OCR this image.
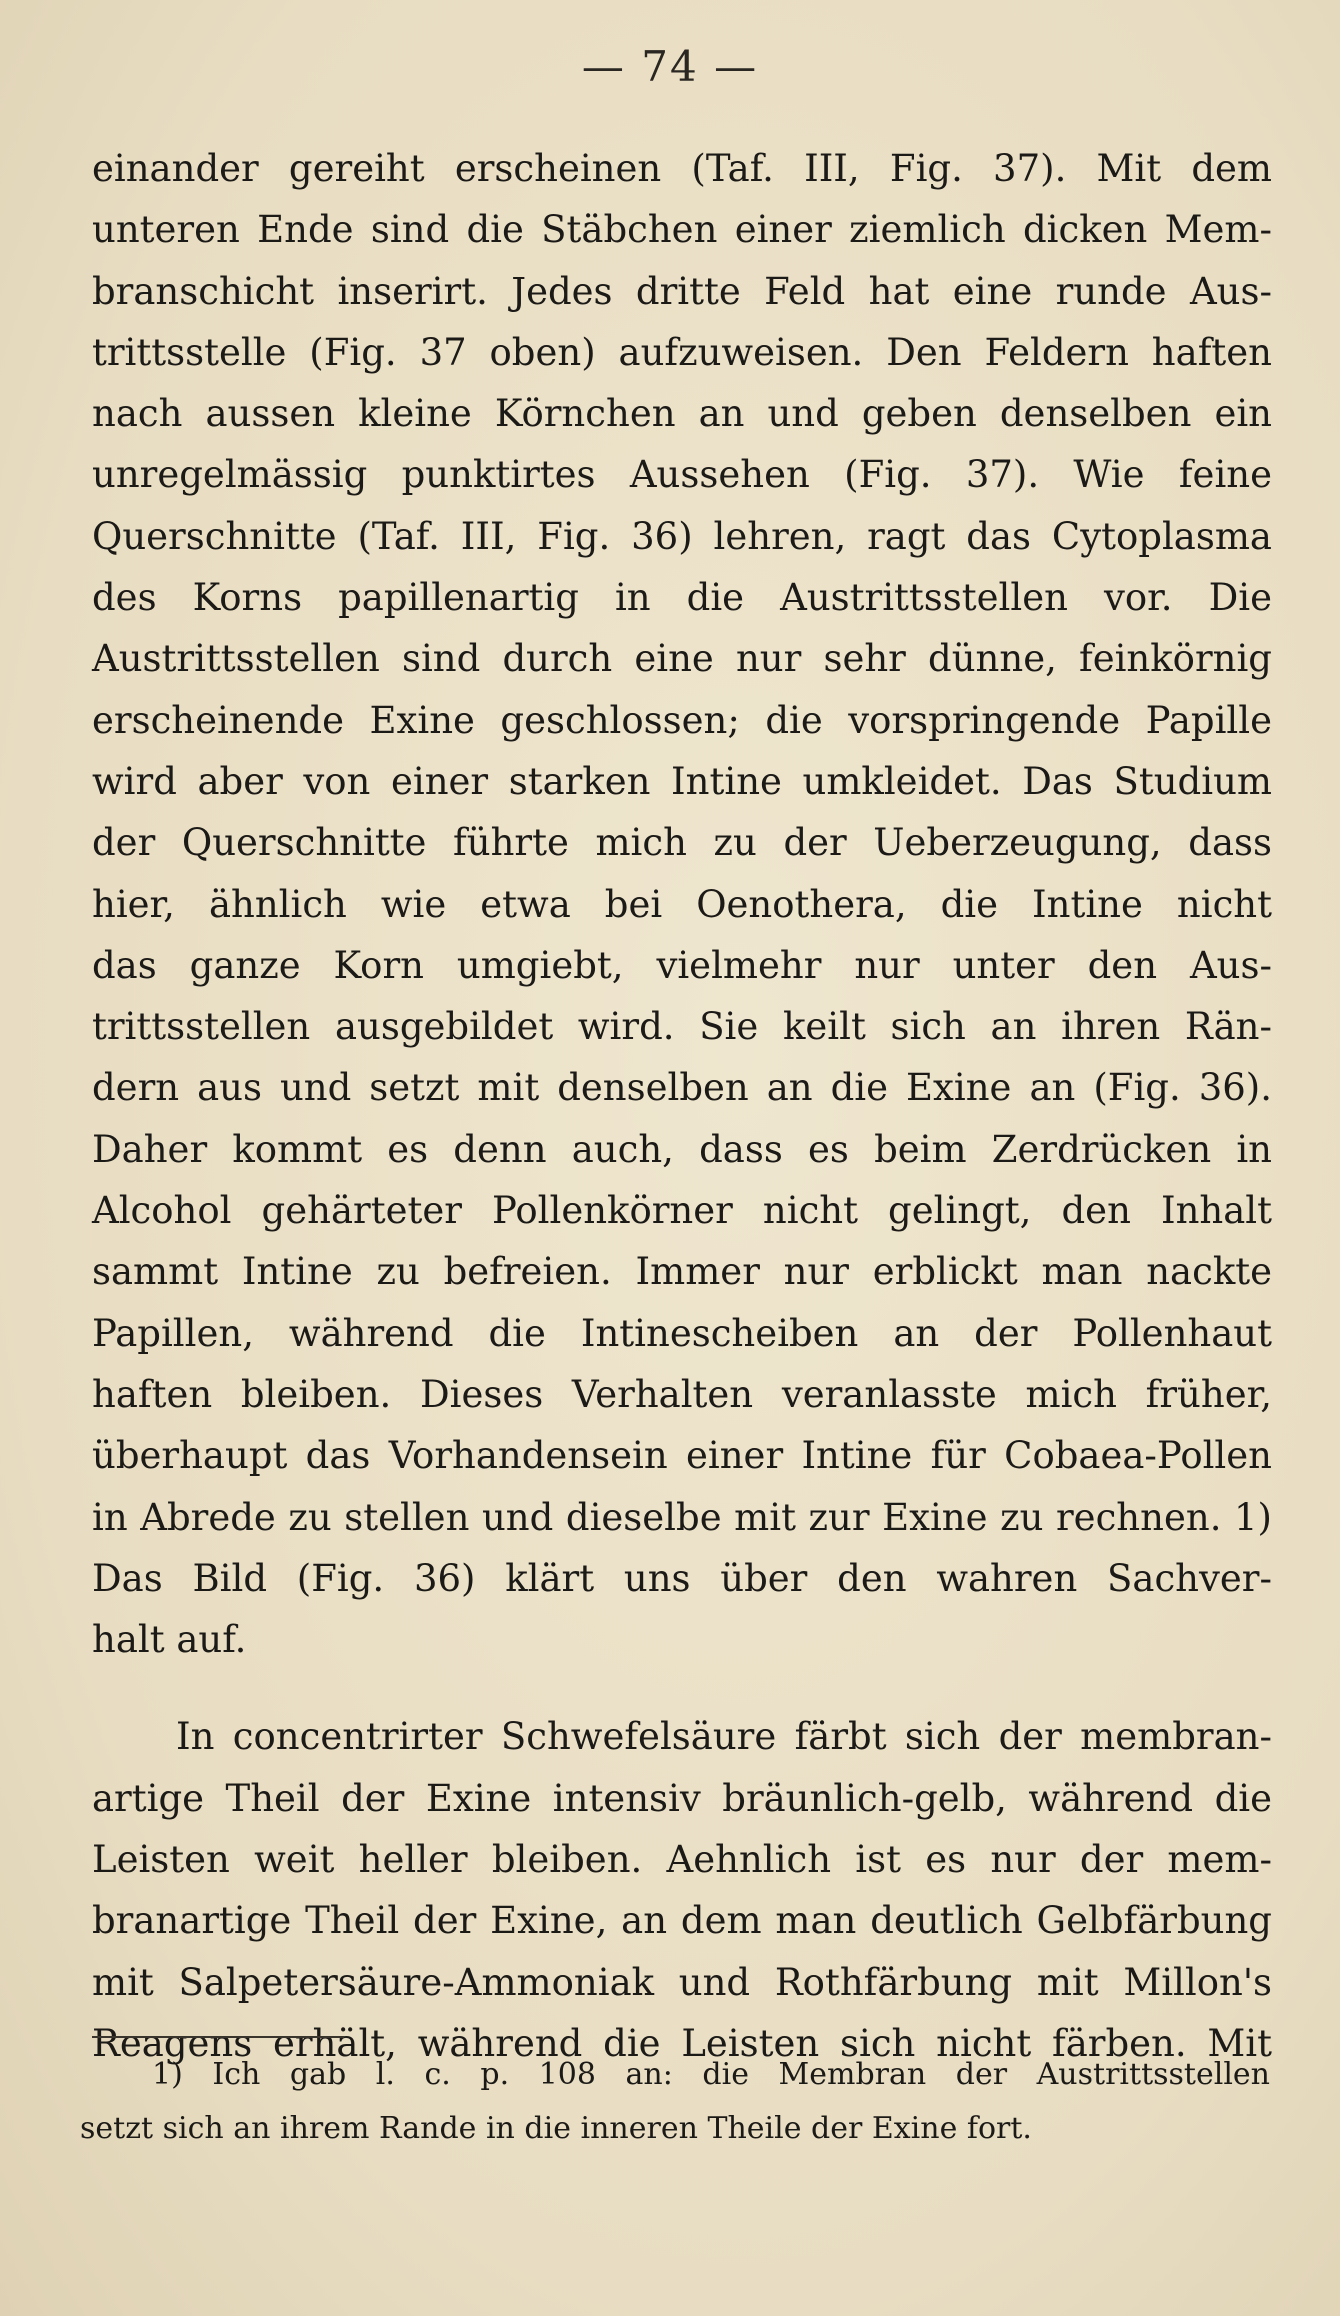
— 74 —
einander gereiht erscheinen (Taf. III, Fig. 37). Mit dem
unteren Ende sind die Stäbchen einer ziemlich dicken Mem-
branschicht inserirt. Jedes dritte Feld hat eine runde Aus-
trittsstelle (Fig. 37 oben) aufzuweisen. Den Feldern haften
nach aussen kleine Körnchen an und geben denselben ein
unregelmässig punktirtes Aussehen (Fig. 37). Wie feine
Querschnitte (Taf. III, Fig. 36) lehren, ragt das Cytoplasma
des Korns papillenartig in die Austrittsstellen vor. Die
Austrittsstellen sind durch eine nur sehr dünne, feinkörnig
erscheinende Exine geschlossen; die vorspringende Papille
wird aber von einer starken Intine umkleidet. Das Studium
der Querschnitte führte mich zu der Ueberzeugung, dass
hier, ähnlich wie etwa bei Oenothera, die Intine nicht
das ganze Korn umgiebt, vielmehr nur unter den Aus-
trittsstellen ausgebildet wird. Sie keilt sich an ihren Rän-
dern aus und setzt mit denselben an die Exine an (Fig. 36).
Daher kommt es denn auch, dass es beim Zerdrücken in
Alcohol gehärteter Pollenkörner nicht gelingt, den Inhalt
sammt Intine zu befreien. Immer nur erblickt man nackte
Papillen, während die Intinescheiben an der Pollenhaut
haften bleiben. Dieses Verhalten veranlasste mich früher,
überhaupt das Vorhandensein einer Intine für Cobaea-Pollen
in Abrede zu stellen und dieselbe mit zur Exine zu rechnen. 1)
Das Bild (Fig. 36) klärt uns über den wahren Sachver-
halt auf.
In concentrirter Schwefelsäure färbt sich der membran-
artige Theil der Exine intensiv bräunlich-gelb, während die
Leisten weit heller bleiben. Aehnlich ist es nur der mem-
branartige Theil der Exine, an dem man deutlich Gelbfärbung
mit Salpetersäure-Ammoniak und Rothfärbung mit Millon's
Reagens erhält, während die Leisten sich nicht färben. Mit
1) Ich gab l. c. p. 108 an: die Membran der Austrittsstellen
setzt sich an ihrem Rande in die inneren Theile der Exine fort.
